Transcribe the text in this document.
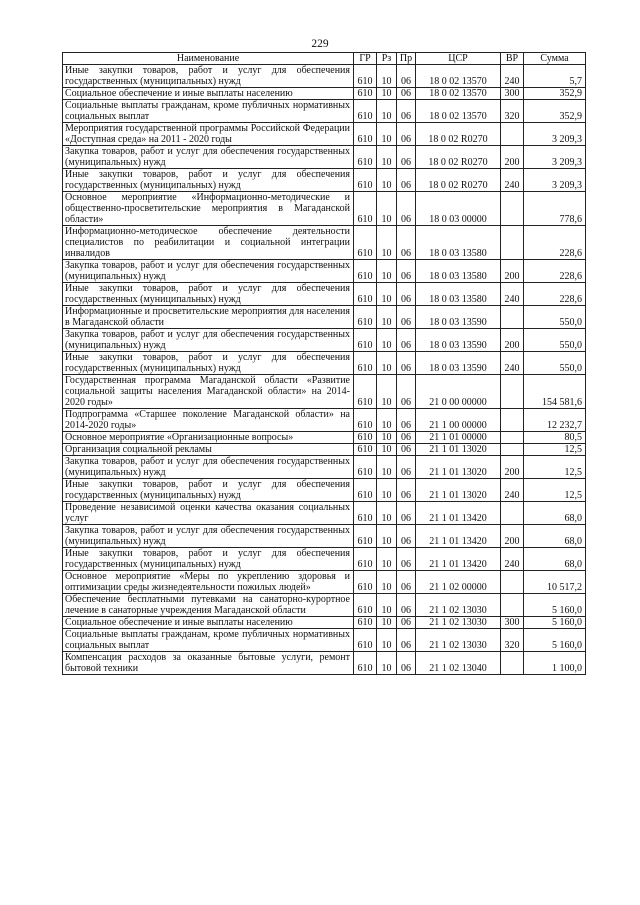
229
Наименование	ГР	Рз	Пр	ЦСР	ВР	Сумма
Иные закупки товаров, работ и услуг для обеспечения государственных (муниципальных) нужд	610	10	06	18 0 02 13570	240	5,7
Социальное обеспечение и иные выплаты населению	610	10	06	18 0 02 13570	300	352,9
Социальные выплаты гражданам, кроме публичных нормативных социальных выплат	610	10	06	18 0 02 13570	320	352,9
Мероприятия государственной программы Российской Федерации «Доступная среда» на 2011 - 2020 годы	610	10	06	18 0 02 R0270		3 209,3
Закупка товаров, работ и услуг для обеспечения государственных (муниципальных) нужд	610	10	06	18 0 02 R0270	200	3 209,3
Иные закупки товаров, работ и услуг для обеспечения государственных (муниципальных) нужд	610	10	06	18 0 02 R0270	240	3 209,3
Основное мероприятие «Информационно-методические и общественно-просветительские мероприятия в Магаданской области»	610	10	06	18 0 03 00000		778,6
Информационно-методическое обеспечение деятельности специалистов по реабилитации и социальной интеграции инвалидов	610	10	06	18 0 03 13580		228,6
Закупка товаров, работ и услуг для обеспечения государственных (муниципальных) нужд	610	10	06	18 0 03 13580	200	228,6
Иные закупки товаров, работ и услуг для обеспечения государственных (муниципальных) нужд	610	10	06	18 0 03 13580	240	228,6
Информационные и просветительские мероприятия для населения в Магаданской области	610	10	06	18 0 03 13590		550,0
Закупка товаров, работ и услуг для обеспечения государственных (муниципальных) нужд	610	10	06	18 0 03 13590	200	550,0
Иные закупки товаров, работ и услуг для обеспечения государственных (муниципальных) нужд	610	10	06	18 0 03 13590	240	550,0
Государственная программа Магаданской области «Развитие социальной защиты населения Магаданской области» на 2014-2020 годы»	610	10	06	21 0 00 00000		154 581,6
Подпрограмма «Старшее поколение Магаданской области» на 2014-2020 годы»	610	10	06	21 1 00 00000		12 232,7
Основное мероприятие «Организационные вопросы»	610	10	06	21 1 01 00000		80,5
Организация социальной рекламы	610	10	06	21 1 01 13020		12,5
Закупка товаров, работ и услуг для обеспечения государственных (муниципальных) нужд	610	10	06	21 1 01 13020	200	12,5
Иные закупки товаров, работ и услуг для обеспечения государственных (муниципальных) нужд	610	10	06	21 1 01 13020	240	12,5
Проведение независимой оценки качества оказания социальных услуг	610	10	06	21 1 01 13420		68,0
Закупка товаров, работ и услуг для обеспечения государственных (муниципальных) нужд	610	10	06	21 1 01 13420	200	68,0
Иные закупки товаров, работ и услуг для обеспечения государственных (муниципальных) нужд	610	10	06	21 1 01 13420	240	68,0
Основное мероприятие «Меры по укреплению здоровья и оптимизации среды жизнедеятельности пожилых людей»	610	10	06	21 1 02 00000		10 517,2
Обеспечение бесплатными путевками на санаторно-курортное лечение в санаторные учреждения Магаданской области	610	10	06	21 1 02 13030		5 160,0
Социальное обеспечение и иные выплаты населению	610	10	06	21 1 02 13030	300	5 160,0
Социальные выплаты гражданам, кроме публичных нормативных социальных выплат	610	10	06	21 1 02 13030	320	5 160,0
Компенсация расходов за оказанные бытовые услуги, ремонт бытовой техники	610	10	06	21 1 02 13040		1 100,0
